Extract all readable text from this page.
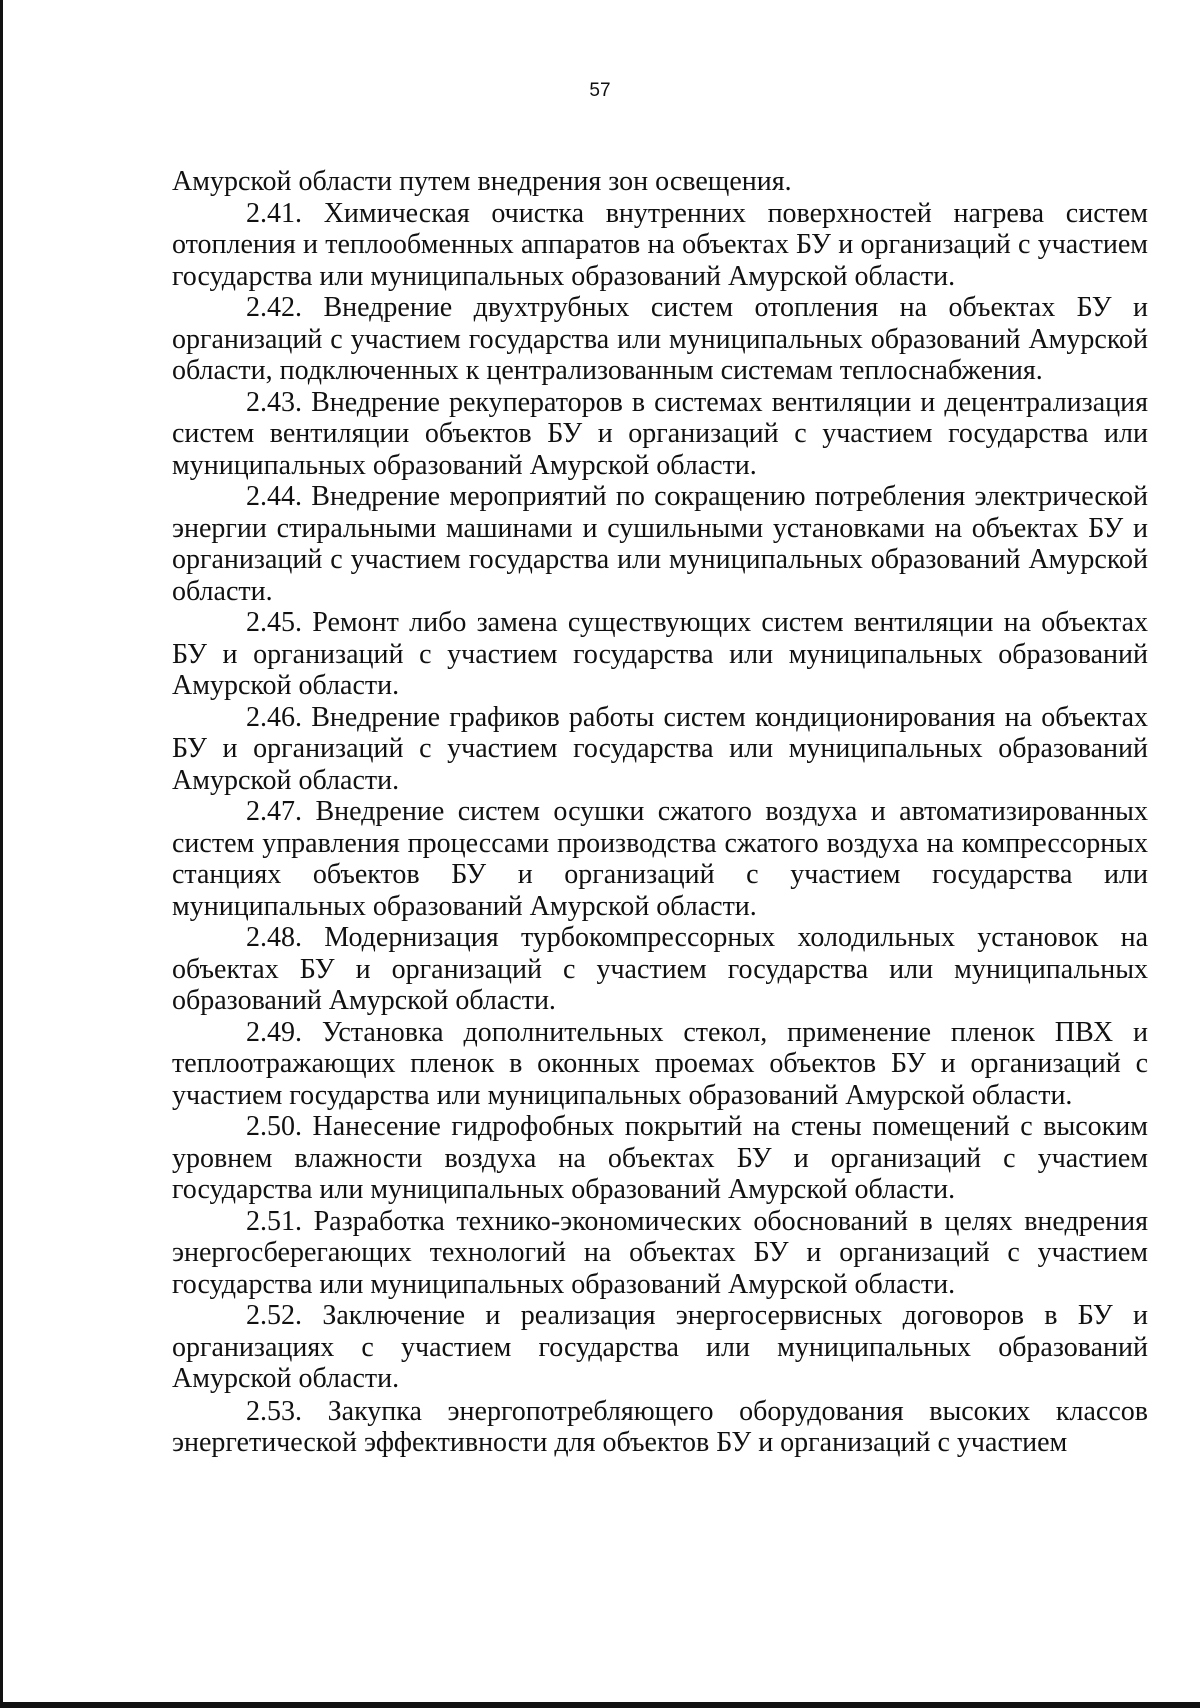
57

Амурской области путем внедрения зон освещения.

2.41. Химическая очистка внутренних поверхностей нагрева систем отопления и теплообменных аппаратов на объектах БУ и организаций с участием государства или муниципальных образований Амурской области.

2.42. Внедрение двухтрубных систем отопления на объектах БУ и организаций с участием государства или муниципальных образований Амурской области, подключенных к централизованным системам теплоснабжения.

2.43. Внедрение рекуператоров в системах вентиляции и децентрализация систем вентиляции объектов БУ и организаций с участием государства или муниципальных образований Амурской области.

2.44. Внедрение мероприятий по сокращению потребления электрической энергии стиральными машинами и сушильными установками на объектах БУ и организаций с участием государства или муниципальных образований Амурской области.

2.45. Ремонт либо замена существующих систем вентиляции на объектах БУ и организаций с участием государства или муниципальных образований Амурской области.

2.46. Внедрение графиков работы систем кондиционирования на объектах БУ и организаций с участием государства или муниципальных образований Амурской области.

2.47. Внедрение систем осушки сжатого воздуха и автоматизированных систем управления процессами производства сжатого воздуха на компрессорных станциях объектов БУ и организаций с участием государства или муниципальных образований Амурской области.

2.48. Модернизация турбокомпрессорных холодильных установок на объектах БУ и организаций с участием государства или муниципальных образований Амурской области.

2.49. Установка дополнительных стекол, применение пленок ПВХ и теплоотражающих пленок в оконных проемах объектов БУ и организаций с участием государства или муниципальных образований Амурской области.

2.50. Нанесение гидрофобных покрытий на стены помещений с высоким уровнем влажности воздуха на объектах БУ и организаций с участием государства или муниципальных образований Амурской области.

2.51. Разработка технико-экономических обоснований в целях внедрения энергосберегающих технологий на объектах БУ и организаций с участием государства или муниципальных образований Амурской области.

2.52. Заключение и реализация энергосервисных договоров в БУ и организациях с участием государства или муниципальных образований Амурской области.

2.53. Закупка энергопотребляющего оборудования высоких классов энергетической эффективности для объектов БУ и организаций с участием
